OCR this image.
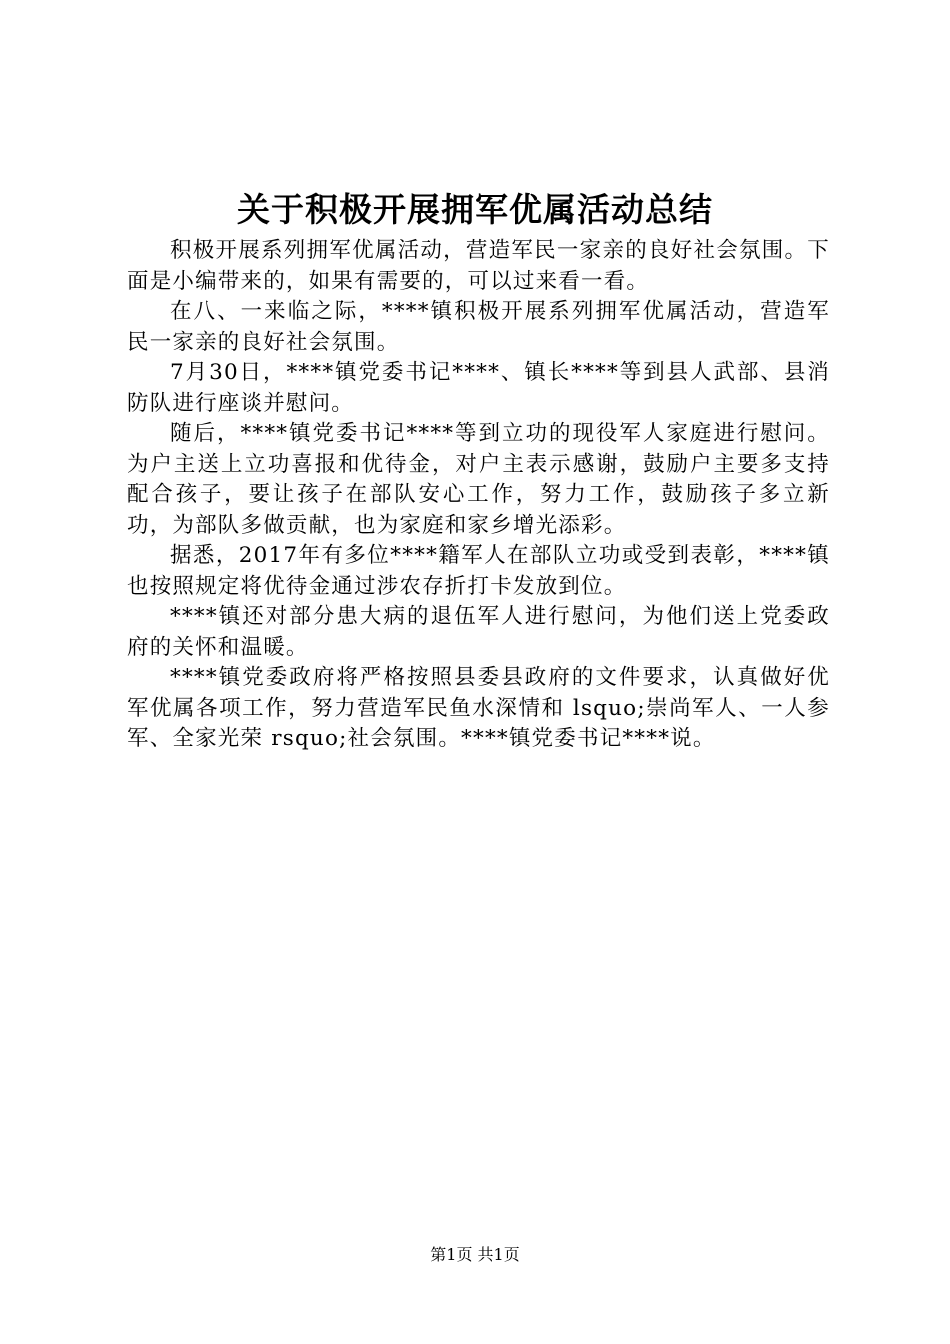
关于积极开展拥军优属活动总结

积极开展系列拥军优属活动，营造军民一家亲的良好社会氛围。下面是小编带来的，如果有需要的，可以过来看一看。

在八、一来临之际，****镇积极开展系列拥军优属活动，营造军民一家亲的良好社会氛围。

7月30日，****镇党委书记****、镇长****等到县人武部、县消防队进行座谈并慰问。

随后，****镇党委书记****等到立功的现役军人家庭进行慰问。为户主送上立功喜报和优待金，对户主表示感谢，鼓励户主要多支持配合孩子，要让孩子在部队安心工作，努力工作，鼓励孩子多立新功，为部队多做贡献，也为家庭和家乡增光添彩。

据悉，2017年有多位****籍军人在部队立功或受到表彰，****镇也按照规定将优待金通过涉农存折打卡发放到位。

****镇还对部分患大病的退伍军人进行慰问，为他们送上党委政府的关怀和温暖。

****镇党委政府将严格按照县委县政府的文件要求，认真做好优军优属各项工作，努力营造军民鱼水深情和 lsquo;崇尚军人、一人参军、全家光荣 rsquo;社会氛围。****镇党委书记****说。

第1页 共1页
